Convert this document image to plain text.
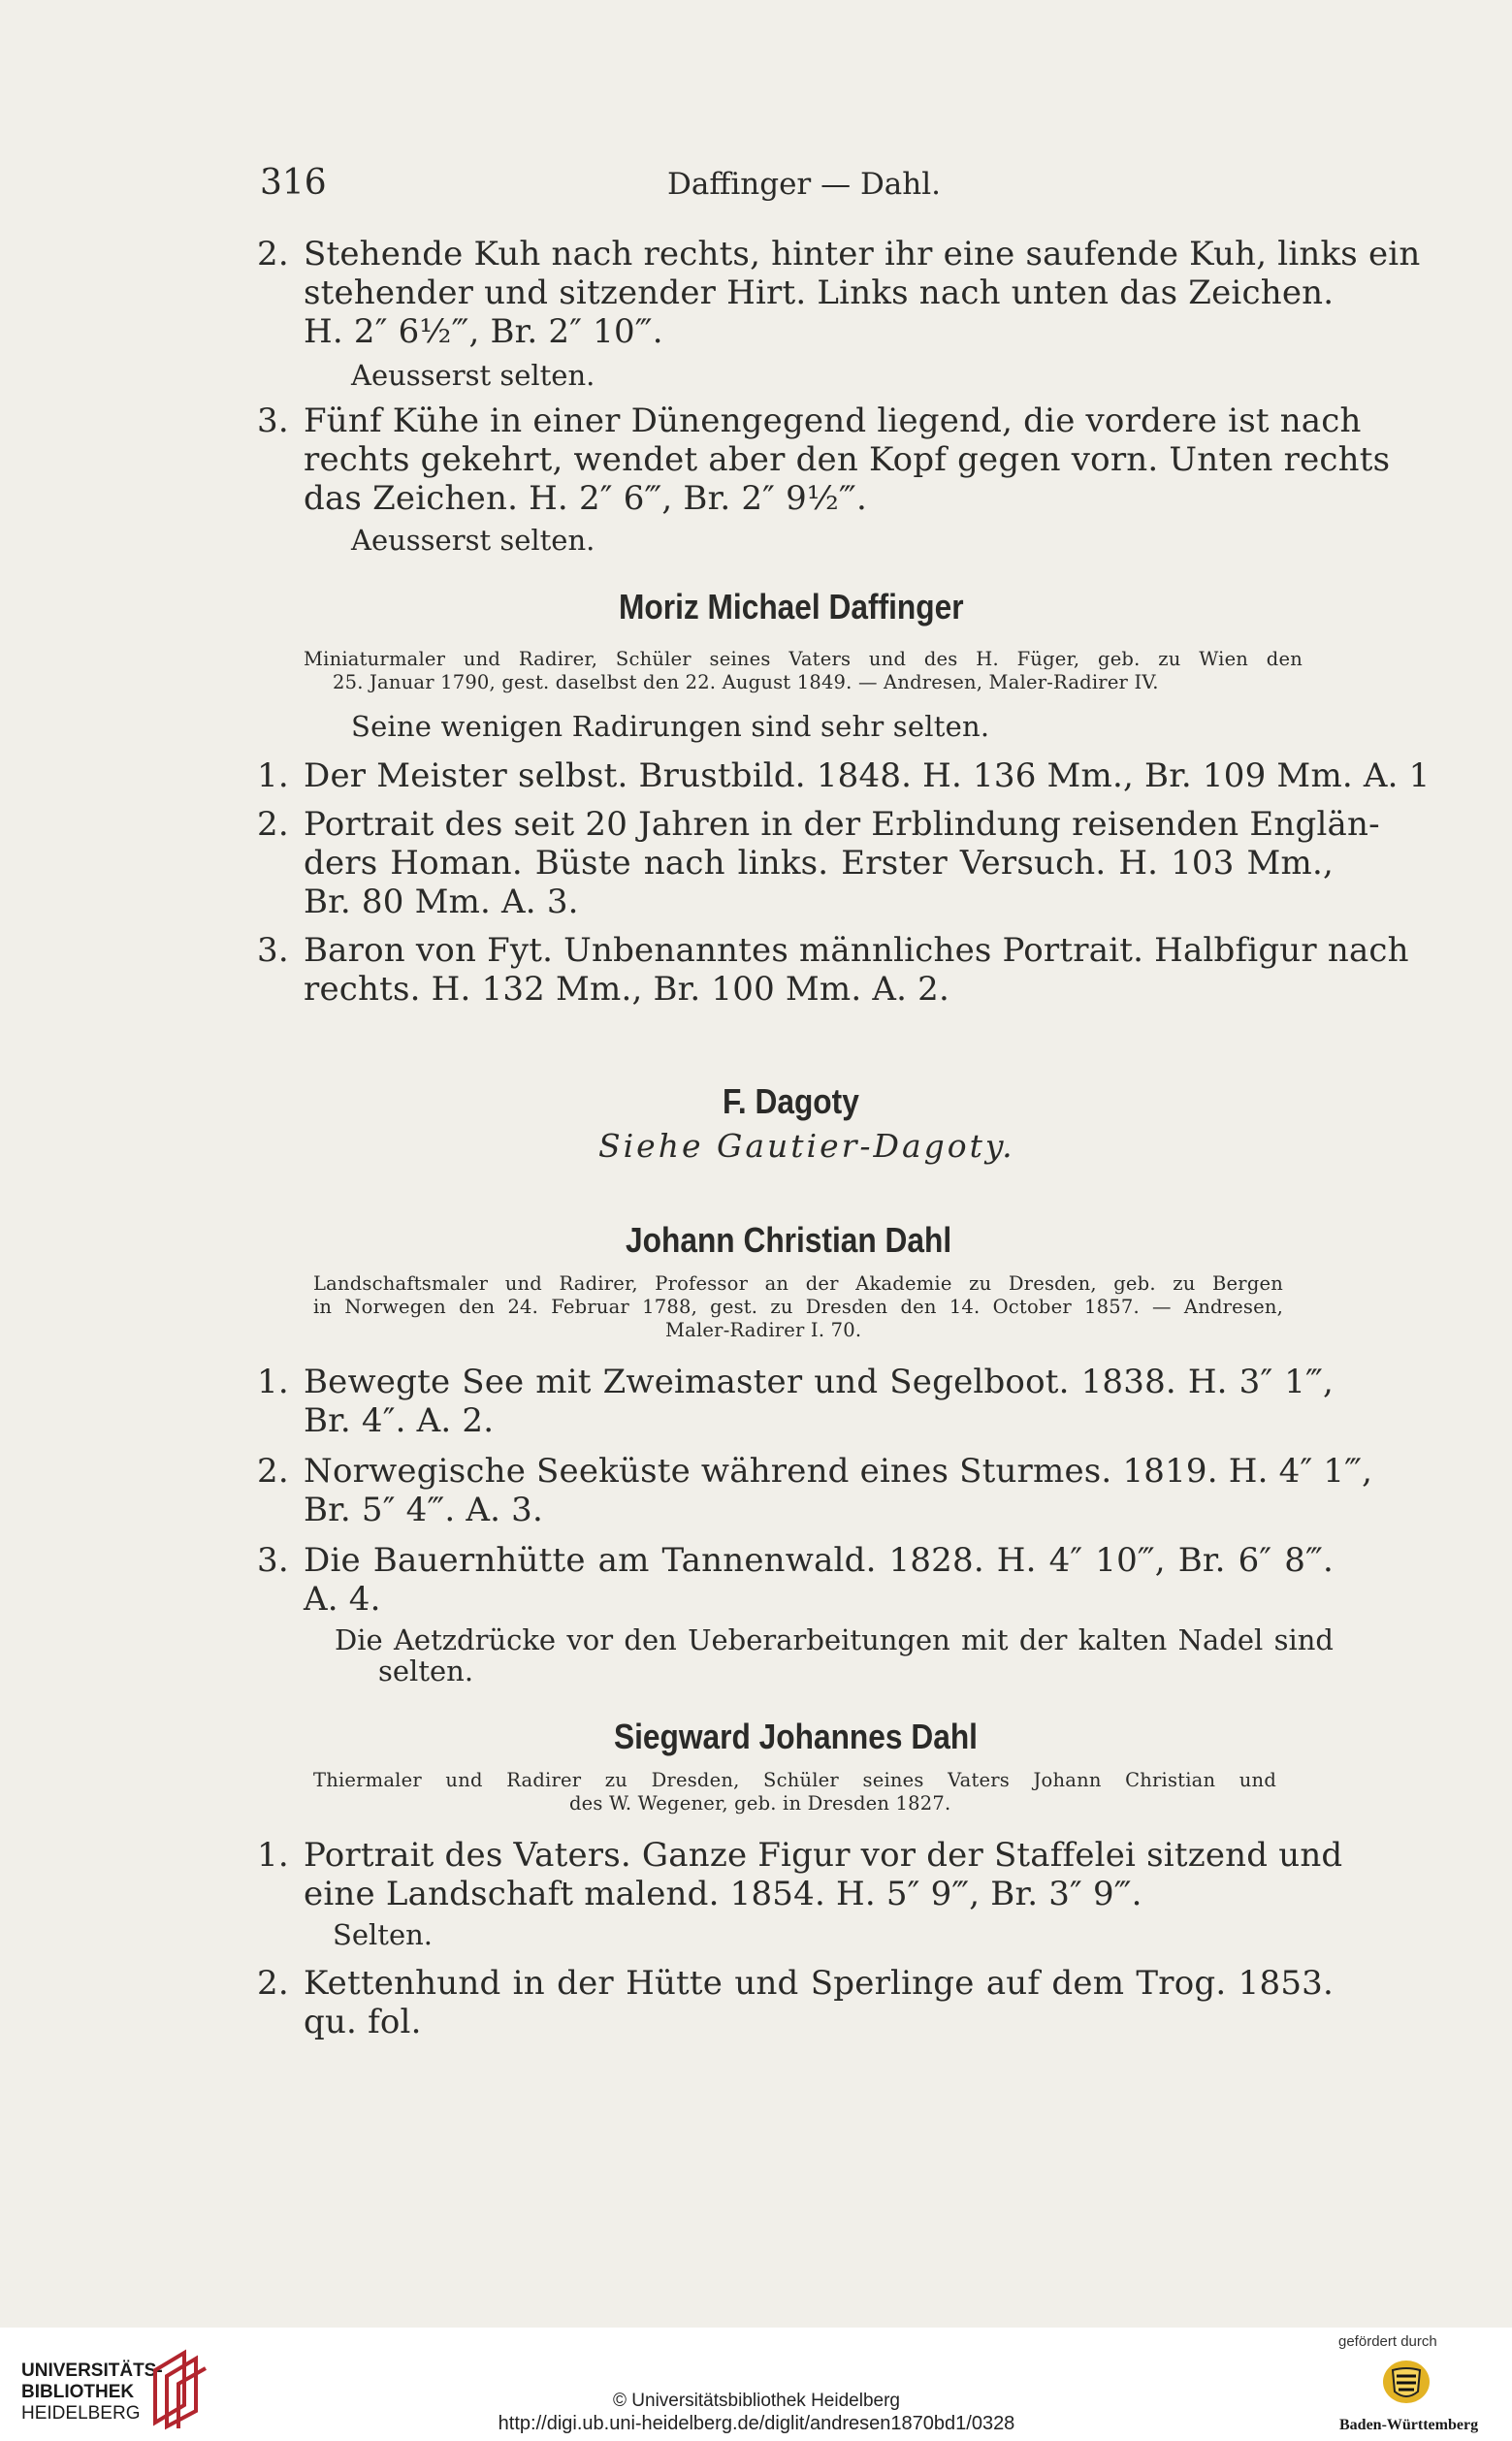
316	Daffinger — Dahl.
2. Stehende Kuh nach rechts, hinter ihr eine saufende Kuh, links ein
stehender und sitzender Hirt. Links nach unten das Zeichen.
H. 2″ 6½‴, Br. 2″ 10‴.
Aeusserst selten.
3. Fünf Kühe in einer Dünengegend liegend, die vordere ist nach
rechts gekehrt, wendet aber den Kopf gegen vorn. Unten rechts
das Zeichen. H. 2″ 6‴, Br. 2″ 9½‴.
Aeusserst selten.
Moriz Michael Daffinger
Miniaturmaler und Radirer, Schüler seines Vaters und des H. Füger, geb. zu Wien den
25. Januar 1790, gest. daselbst den 22. August 1849. — Andresen, Maler-Radirer IV.
Seine wenigen Radirungen sind sehr selten.
1. Der Meister selbst. Brustbild. 1848. H. 136 Mm., Br. 109 Mm. A. 1
2. Portrait des seit 20 Jahren in der Erblindung reisenden Englän-
ders Homan. Büste nach links. Erster Versuch. H. 103 Mm.,
Br. 80 Mm. A. 3.
3. Baron von Fyt. Unbenanntes männliches Portrait. Halbfigur nach
rechts. H. 132 Mm., Br. 100 Mm. A. 2.
F. Dagoty
Siehe Gautier-Dagoty.
Johann Christian Dahl
Landschaftsmaler und Radirer, Professor an der Akademie zu Dresden, geb. zu Bergen
in Norwegen den 24. Februar 1788, gest. zu Dresden den 14. October 1857. — Andresen,
Maler-Radirer I. 70.
1. Bewegte See mit Zweimaster und Segelboot. 1838. H. 3″ 1‴,
Br. 4″. A. 2.
2. Norwegische Seeküste während eines Sturmes. 1819. H. 4″ 1‴,
Br. 5″ 4‴. A. 3.
3. Die Bauernhütte am Tannenwald. 1828. H. 4″ 10‴, Br. 6″ 8‴.
A. 4.
Die Aetzdrücke vor den Ueberarbeitungen mit der kalten Nadel sind
selten.
Siegward Johannes Dahl
Thiermaler und Radirer zu Dresden, Schüler seines Vaters Johann Christian und
des W. Wegener, geb. in Dresden 1827.
1. Portrait des Vaters. Ganze Figur vor der Staffelei sitzend und
eine Landschaft malend. 1854. H. 5″ 9‴, Br. 3″ 9‴.
Selten.
2. Kettenhund in der Hütte und Sperlinge auf dem Trog. 1853.
qu. fol.
UNIVERSITÄTS-
BIBLIOTHEK
HEIDELBERG
© Universitätsbibliothek Heidelberg
http://digi.ub.uni-heidelberg.de/diglit/andresen1870bd1/0328
gefördert durch
Baden-Württemberg
